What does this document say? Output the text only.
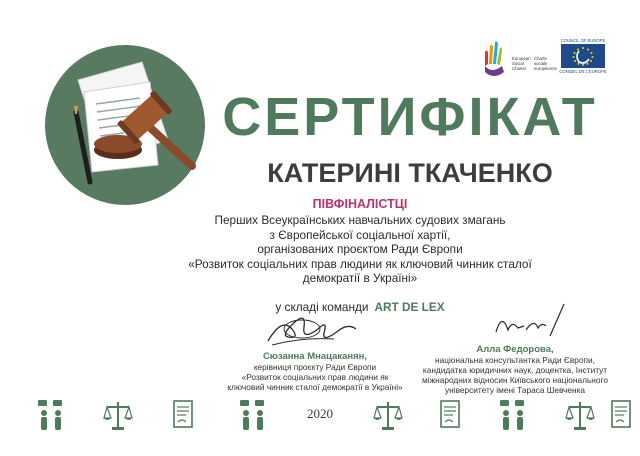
European
Social
Charter
Charte
sociale
européenne
COUNCIL OF EUROPE
CONSEIL DE L'EUROPE
СЕРТИФІКАТ
КАТЕРИНІ ТКАЧЕНКО
ПІВФІНАЛІСТЦІ
Перших Всеукраїнських навчальних судових змагань
з Європейської соціальної хартії,
організованих проєктом Ради Європи
«Розвиток соціальних прав людини як ключовий чинник сталої
демократії в Україні»
у складі команди ART DE LEX
Сюзанна Мнацаканян,
керівниця проєкту Ради Європи
«Розвиток соціальних прав людини як
ключовий чинник сталої демократії в Україні»
Алла Федорова,
національна консультантка Ради Європи,
кандидатка юридичних наук, доцентка, Інститут
міжнародних відносин Київського національного
університету імені Тараса Шевченка
2020
